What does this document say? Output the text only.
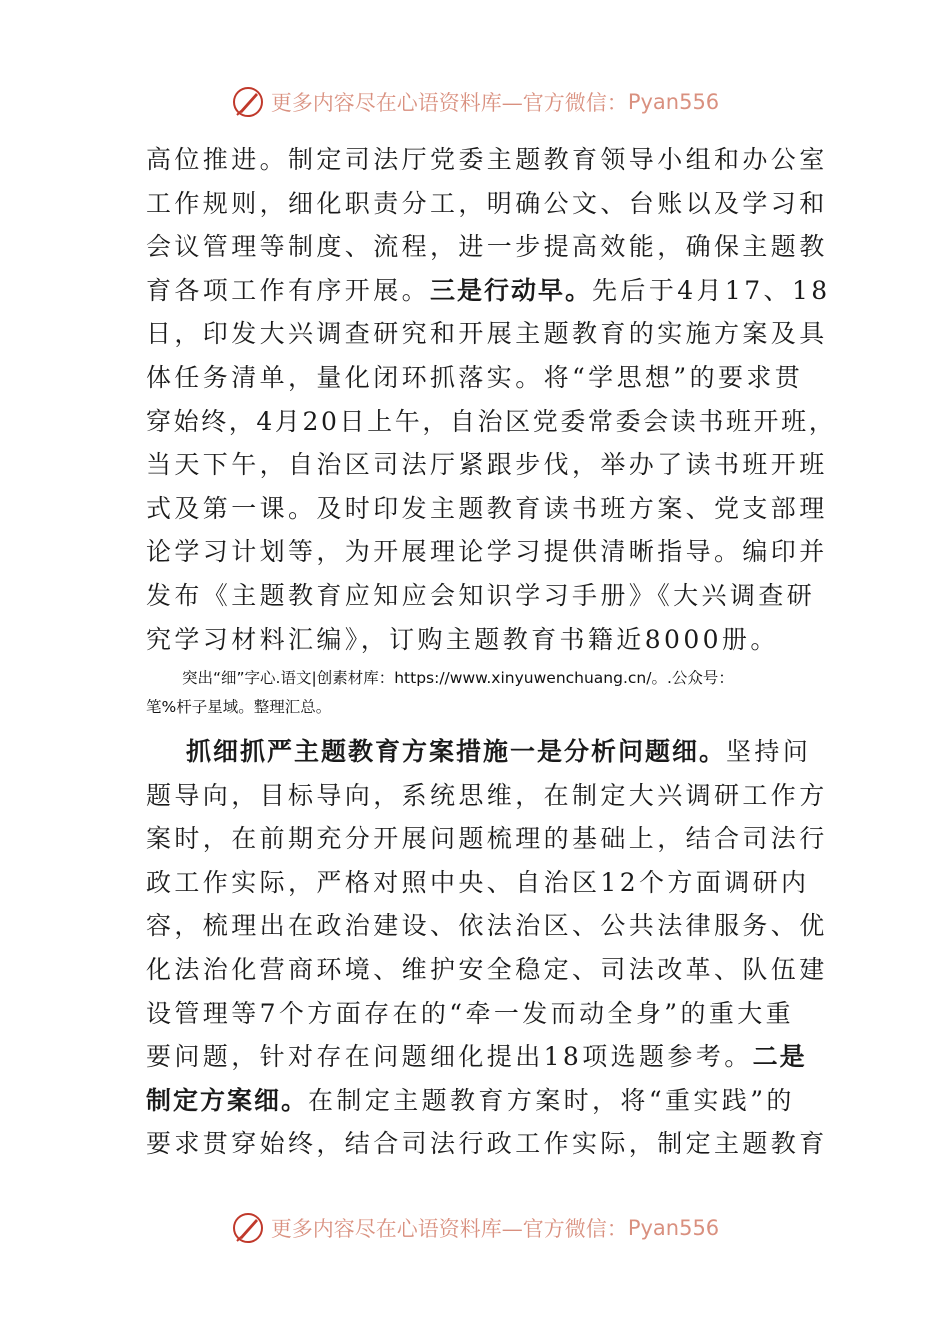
更多内容尽在心语资料库—官方微信： Pyan556
高位推进。制定司法厅党委主题教育领导小组和办公室
工作规则，细化职责分工，明确公文、台账以及学习和
会议管理等制度、流程，进一步提高效能，确保主题教
育各项工作有序开展。三是行动早。先后于4月17、18
日，印发大兴调查研究和开展主题教育的实施方案及具
体任务清单，量化闭环抓落实。将“学思想”的要求贯
穿始终，4月20日上午，自治区党委常委会读书班开班，
当天下午，自治区司法厅紧跟步伐，举办了读书班开班
式及第一课。及时印发主题教育读书班方案、党支部理
论学习计划等，为开展理论学习提供清晰指导。编印并
发布《主题教育应知应会知识学习手册》《大兴调查研
究学习材料汇编》，订购主题教育书籍近8000册。
突出“细”字心.语文|创素材库：https://www.xinyuwenchuang.cn/。.公众号：
笔%杆子星域。整理汇总。
抓细抓严主题教育方案措施一是分析问题细。坚持问
题导向，目标导向，系统思维，在制定大兴调研工作方
案时，在前期充分开展问题梳理的基础上，结合司法行
政工作实际，严格对照中央、自治区12个方面调研内
容，梳理出在政治建设、依法治区、公共法律服务、优
化法治化营商环境、维护安全稳定、司法改革、队伍建
设管理等7个方面存在的“牵一发而动全身”的重大重
要问题，针对存在问题细化提出18项选题参考。二是
制定方案细。在制定主题教育方案时，将“重实践”的
要求贯穿始终，结合司法行政工作实际，制定主题教育
更多内容尽在心语资料库—官方微信： Pyan556
